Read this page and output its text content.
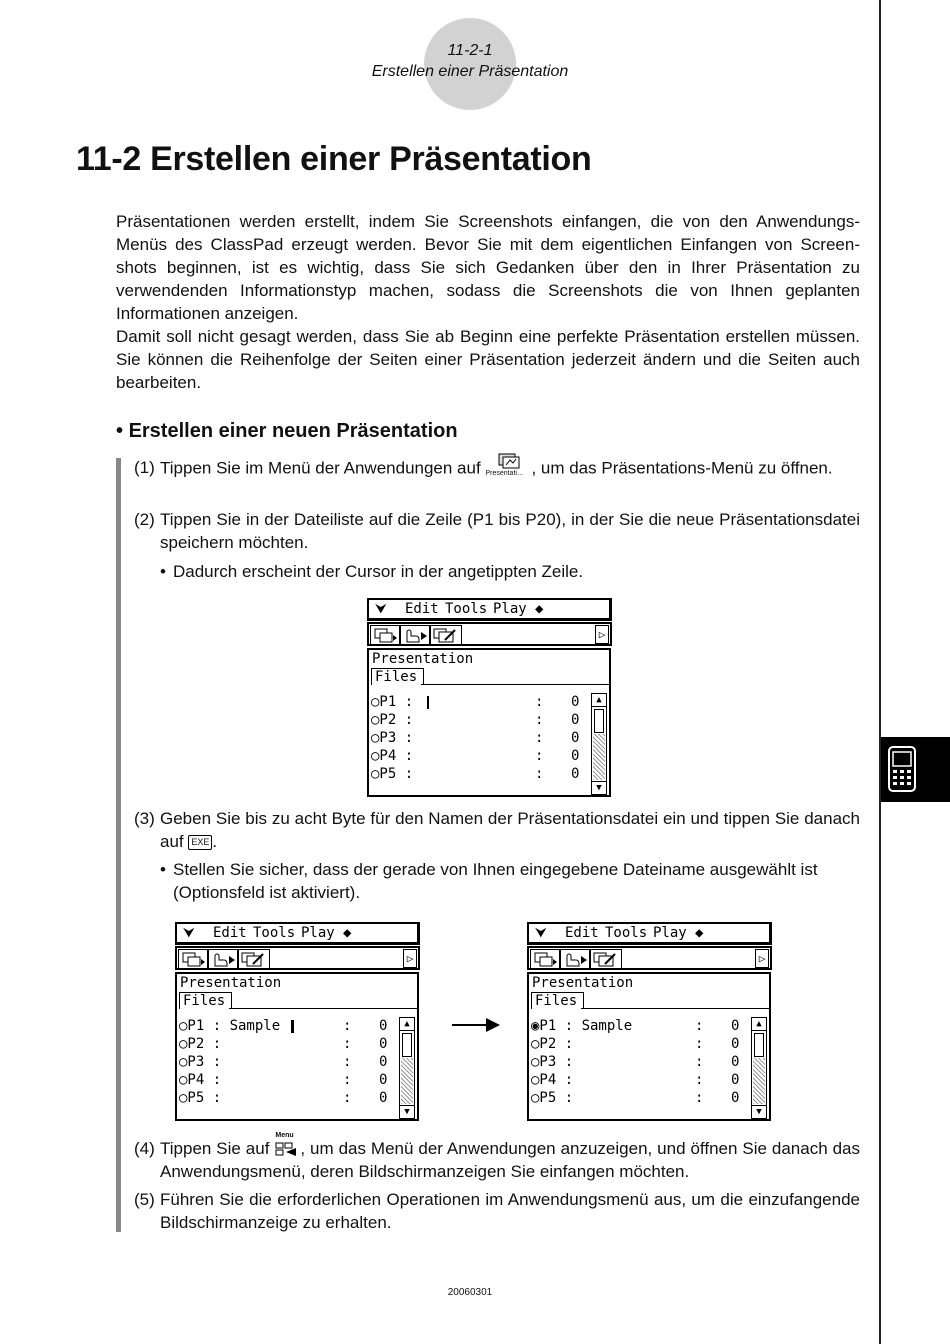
11-2-1
Erstellen einer Präsentation
11-2 Erstellen einer Präsentation

Präsentationen werden erstellt, indem Sie Screenshots einfangen, die von den Anwendungs-Menüs des ClassPad erzeugt werden. Bevor Sie mit dem eigentlichen Einfangen von Screen-shots beginnen, ist es wichtig, dass Sie sich Gedanken über den in Ihrer Präsentation zu verwendenden Informationstyp machen, sodass die Screenshots die von Ihnen geplanten Informationen anzeigen.

Damit soll nicht gesagt werden, dass Sie ab Beginn eine perfekte Präsentation erstellen müssen. Sie können die Reihenfolge der Seiten einer Präsentation jederzeit ändern und die Seiten auch bearbeiten.

• Erstellen einer neuen Präsentation
(1) Tippen Sie im Menü der Anwendungen auf Presentati… , um das Präsentations-Menü zu öffnen.
(2) Tippen Sie in der Dateiliste auf die Zeile (P1 bis P20), in der Sie die neue Präsentationsdatei speichern möchten.
• Dadurch erscheint der Cursor in der angetippten Zeile.
⮟ Edit Tools Play ◆
▷
Presentation
Files
○P1 :	: 0
○P2 :	: 0
○P3 :	: 0
○P4 :	: 0
○P5 :	: 0
▲
▼
(3) Geben Sie bis zu acht Byte für den Namen der Präsentationsdatei ein und tippen Sie danach auf EXE .
• Stellen Sie sicher, dass der gerade von Ihnen eingegebene Dateiname ausgewählt ist (Optionsfeld ist aktiviert).
⮟ Edit Tools Play ◆
▷
Presentation
Files
○P1 : Sample	: 0
○P2 :	: 0
○P3 :	: 0
○P4 :	: 0
○P5 :	: 0
▲
▼
⮟ Edit Tools Play ◆
▷
Presentation
Files
◉P1 : Sample	: 0
○P2 :	: 0
○P3 :	: 0
○P4 :	: 0
○P5 :	: 0
▲
▼
(4) Tippen Sie auf
Menu
, um das Menü der Anwendungen anzuzeigen, und öffnen Sie danach das Anwendungsmenü, deren Bildschirmanzeigen Sie einfangen möchten.
(5) Führen Sie die erforderlichen Operationen im Anwendungsmenü aus, um die einzufangende Bildschirmanzeige zu erhalten.
20060301
